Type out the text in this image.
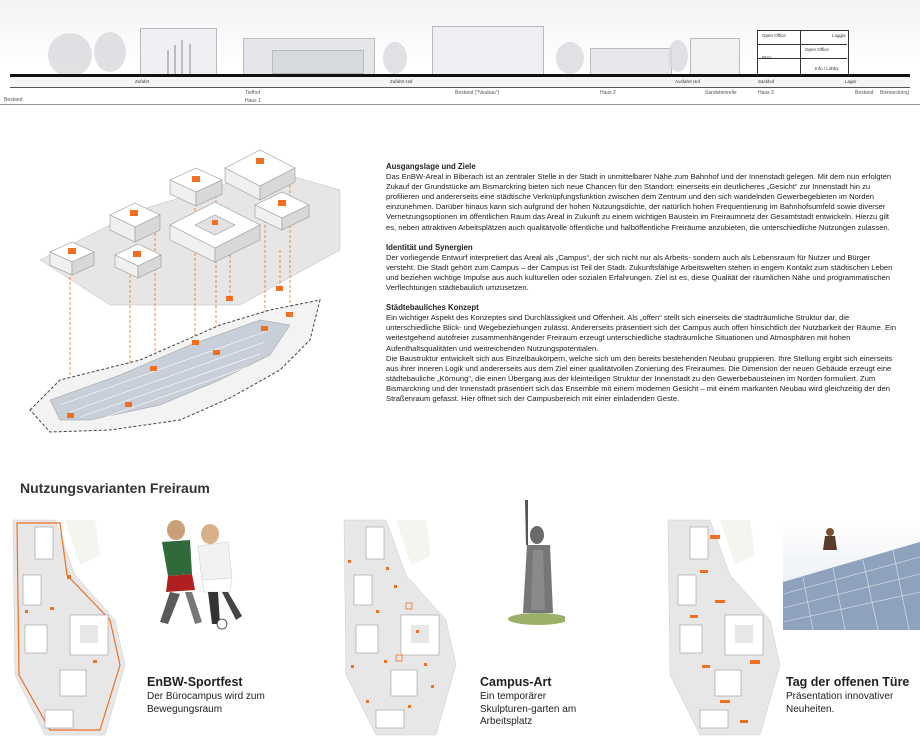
Zufahrt	Zufahrt Hof	Ausfahrt Hof	Sackhof	Lager
Open Office	Loggia
Open Office
Büro
Info / Lobby
Bestand
Tiefhof
Haus 1
Bestand ("Neubau")	Haus 2	Sandsteinrelie	Haus 3	Bestand Bismarckring
Ausgangslage und Ziele

Das EnBW-Areal in Biberach ist an zentraler Stelle in der Stadt in unmittelbarer Nähe zum Bahnhof und der Innenstadt gelegen. Mit dem nun erfolgten Zukauf der Grundstücke am Bismarckring bieten sich neue Chancen für den Standort: einerseits ein deutlicheres „Gesicht“ zur Innenstadt hin zu profilieren und andererseits eine städtische Verknüpfungsfunktion zwischen dem Zentrum und den sich wandelnden Gewerbegebieten im Norden einzunehmen. Darüber hinaus kann sich aufgrund der hohen Nutzungsdichte, der natürlich hohen Frequentierung im Bahnhofsumfeld sowie diverser Vernetzungsoptionen im öffentlichen Raum das Areal in Zukunft zu einem wichtigen Baustein im Freiraumnetz der Gesamtstadt entwickeln. Hierzu gilt es, neben attraktiven Arbeitsplätzen auch qualitätvolle öffentliche und halböffentliche Freiräume anzubieten, die unterschiedliche Nutzungen zulassen.

Identität und Synergien

Der vorliegende Entwurf interpretiert das Areal als „Campus“, der sich nicht nur als Arbeits- sondern auch als Lebensraum für Nutzer und Bürger versteht. Die Stadt gehört zum Campus – der Campus ist Teil der Stadt. Zukunftsfähige Arbeitswelten stehen in engem Kontakt zum städtischen Leben und beziehen wichtige Impulse aus auch kulturellen oder sozialen Erfahrungen. Ziel ist es, diese Qualität der räumlichen Nähe und programmatischen Verflechtungen städtebaulich umzusetzen.

Städtebauliches Konzept

Ein wichtiger Aspekt des Konzeptes sind Durchlässigkeit und Offenheit. Als „offen“ stellt sich einerseits die stadträumliche Struktur dar, die unterschiedliche Blick- und Wegebeziehungen zulässt. Andererseits präsentiert sich der Campus auch offen hinsichtlich der Nutzbarkeit der Räume. Ein weitestgehend autofreier zusammenhängender Freiraum erzeugt unterschiedliche stadträumliche Situationen und Atmosphären mit hohen Aufenthaltsqualitäten und weitreichenden Nutzungspotentialen.

Die Baustruktur entwickelt sich aus Einzelbaukörpern, welche sich um den bereits bestehenden Neubau gruppieren. Ihre Stellung ergibt sich einerseits aus ihrer inneren Logik und andererseits aus dem Ziel einer qualitätvollen Zonierung des Freiraumes. Die Dimension der neuen Gebäude erzeugt eine städtebauliche „Körnung“, die einen Übergang aus der kleinteiligen Struktur der Innenstadt zu den Gewerbebausteinen im Norden formuliert. Zum Bismarckring und der Innenstadt präsentiert sich das Ensemble mit einem modernen Gesicht – mit einem markanten Neubau wird gleichzeitig der den Straßenraum gefasst. Hier öffnet sich der Campusbereich mit einer einladenden Geste.

Nutzungsvarianten Freiraum
EnBW-Sportfest
Der Bürocampus wird zum Bewegungsraum
Campus-Art
Ein temporärer Skulpturen-garten am Arbeitsplatz
Tag der offenen Türe
Präsentation innovativer Neuheiten.
